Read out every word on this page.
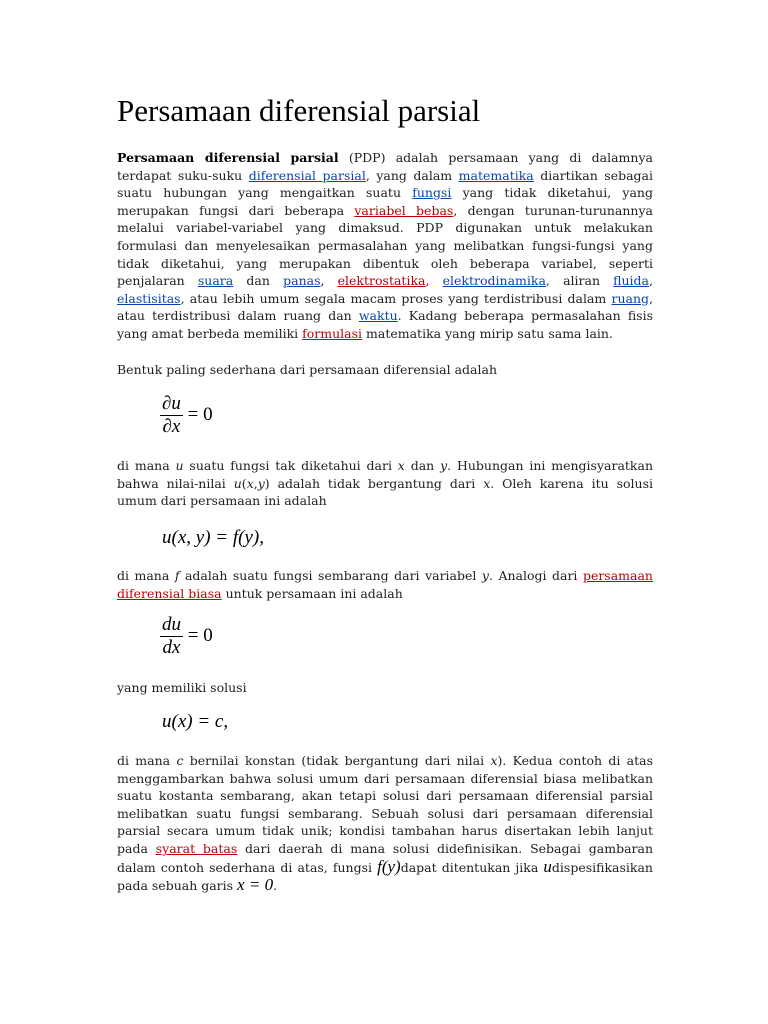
Persamaan diferensial parsial

Persamaan diferensial parsial (PDP) adalah persamaan yang di dalamnya terdapat suku-suku diferensial parsial, yang dalam matematika diartikan sebagai suatu hubungan yang mengaitkan suatu fungsi yang tidak diketahui, yang merupakan fungsi dari beberapa variabel bebas, dengan turunan-turunannya melalui variabel-variabel yang dimaksud. PDP digunakan untuk melakukan formulasi dan menyelesaikan permasalahan yang melibatkan fungsi-fungsi yang tidak diketahui, yang merupakan dibentuk oleh beberapa variabel, seperti penjalaran suara dan panas, elektrostatika, elektrodinamika, aliran fluida, elastisitas, atau lebih umum segala macam proses yang terdistribusi dalam ruang, atau terdistribusi dalam ruang dan waktu. Kadang beberapa permasalahan fisis yang amat berbeda memiliki formulasi matematika yang mirip satu sama lain.

Bentuk paling sederhana dari persamaan diferensial adalah

$\frac{\partial u}{\partial x} = 0$

di mana u suatu fungsi tak diketahui dari x dan y. Hubungan ini mengisyaratkan bahwa nilai-nilai u(x,y) adalah tidak bergantung dari x. Oleh karena itu solusi umum dari persamaan ini adalah

u(x, y) = f(y),

di mana f adalah suatu fungsi sembarang dari variabel y. Analogi dari persamaan diferensial biasa untuk persamaan ini adalah

$\frac{du}{dx} = 0$

yang memiliki solusi

u(x) = c,

di mana c bernilai konstan (tidak bergantung dari nilai x). Kedua contoh di atas menggambarkan bahwa solusi umum dari persamaan diferensial biasa melibatkan suatu kostanta sembarang, akan tetapi solusi dari persamaan diferensial parsial melibatkan suatu fungsi sembarang. Sebuah solusi dari persamaan diferensial parsial secara umum tidak unik; kondisi tambahan harus disertakan lebih lanjut pada syarat batas dari daerah di mana solusi didefinisikan. Sebagai gambaran dalam contoh sederhana di atas, fungsi f(y)dapat ditentukan jika udispesifikasikan pada sebuah garis x = 0.
